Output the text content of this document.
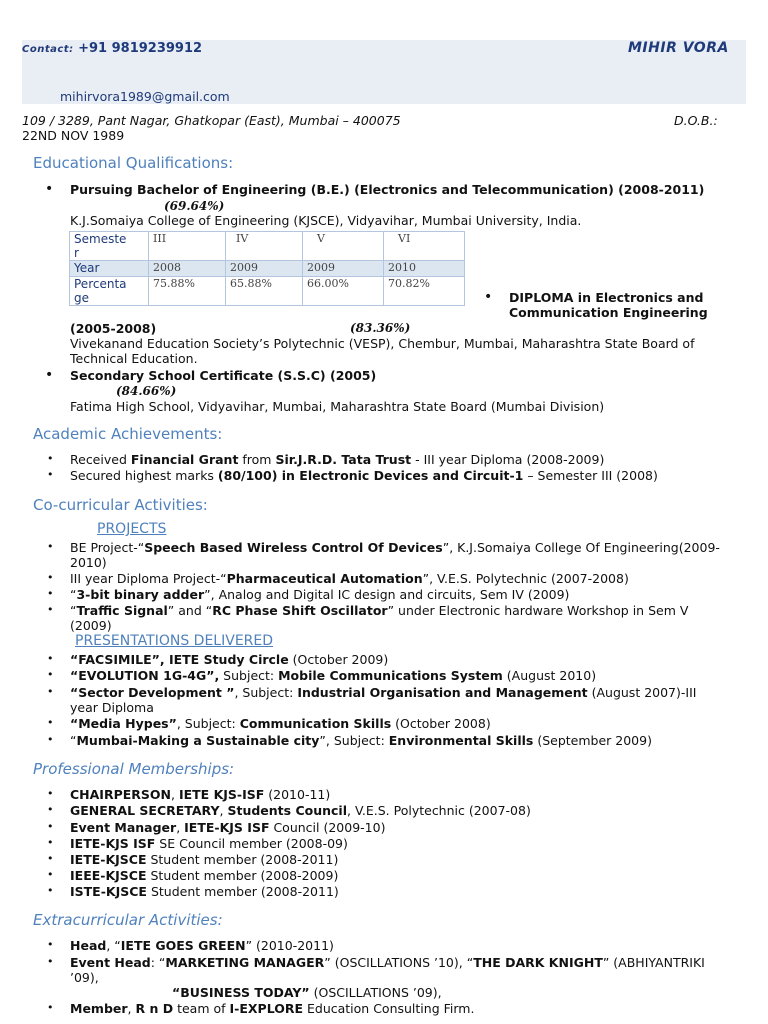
Contact: +91 9819239912	MIHIR VORA
mihirvora1989@gmail.com
109 / 3289, Pant Nagar, Ghatkopar (East), Mumbai – 400075	D.O.B.:
22ND NOV 1989
Educational Qualifications:
• Pursuing Bachelor of Engineering (B.E.) (Electronics and Telecommunication) (2008-2011)
(69.64%)
K.J.Somaiya College of Engineering (KJSCE), Vidyavihar, Mumbai University, India.
Semeste
r	III	IV	V	VI
Year	2008	2009	2009	2010
Percenta
ge	75.88%	65.88%	66.00%	70.82%
• DIPLOMA in Electronics and
Communication Engineering
(2005-2008)	(83.36%)
Vivekanand Education Society’s Polytechnic (VESP), Chembur, Mumbai, Maharashtra State Board of
Technical Education.
• Secondary School Certificate (S.S.C) (2005)
(84.66%)
Fatima High School, Vidyavihar, Mumbai, Maharashtra State Board (Mumbai Division)
Academic Achievements:
• Received Financial Grant from Sir.J.R.D. Tata Trust - III year Diploma (2008-2009)
• Secured highest marks (80/100) in Electronic Devices and Circuit-1 – Semester III (2008)
Co-curricular Activities:
PROJECTS
• BE Project-“Speech Based Wireless Control Of Devices”, K.J.Somaiya College Of Engineering(2009-
2010)
• III year Diploma Project-“Pharmaceutical Automation”, V.E.S. Polytechnic (2007-2008)
• “3-bit binary adder”, Analog and Digital IC design and circuits, Sem IV (2009)
• “Traffic Signal” and “RC Phase Shift Oscillator” under Electronic hardware Workshop in Sem V
(2009)
PRESENTATIONS DELIVERED
• “FACSIMILE”, IETE Study Circle (October 2009)
• “EVOLUTION 1G-4G”, Subject: Mobile Communications System (August 2010)
• “Sector Development ”, Subject: Industrial Organisation and Management (August 2007)-III
year Diploma
• “Media Hypes”, Subject: Communication Skills (October 2008)
• “Mumbai-Making a Sustainable city”, Subject: Environmental Skills (September 2009)
Professional Memberships:
• CHAIRPERSON, IETE KJS-ISF (2010-11)
• GENERAL SECRETARY, Students Council, V.E.S. Polytechnic (2007-08)
• Event Manager, IETE-KJS ISF Council (2009-10)
• IETE-KJS ISF SE Council member (2008-09)
• IETE-KJSCE Student member (2008-2011)
• IEEE-KJSCE Student member (2008-2009)
• ISTE-KJSCE Student member (2008-2011)
Extracurricular Activities:
• Head, “IETE GOES GREEN” (2010-2011)
• Event Head: “MARKETING MANAGER” (OSCILLATIONS ’10), “THE DARK KNIGHT” (ABHIYANTRIKI
’09),
“BUSINESS TODAY” (OSCILLATIONS ’09),
• Member, R n D team of I-EXPLORE Education Consulting Firm.
